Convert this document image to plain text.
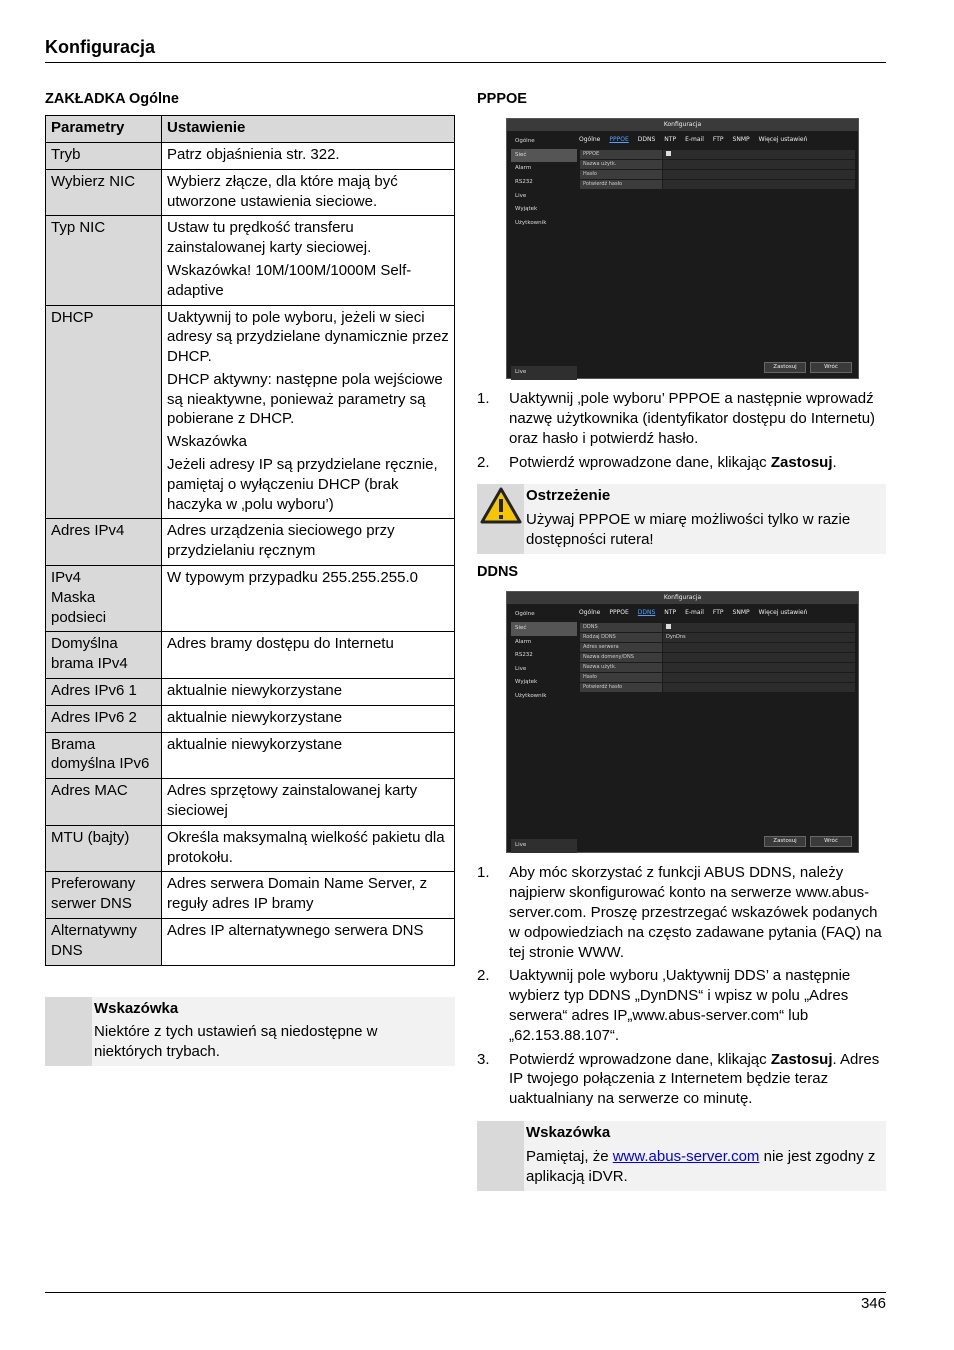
Konfiguracja
ZAKŁADKA Ogólne
Parametry	Ustawienie
Tryb	Patrz objaśnienia str. 322.

Wybierz NIC	Wybierz złącze, dla które mają być utworzone ustawienia sieciowe.

Typ NIC	Ustaw tu prędkość transferu zainstalowanej karty sieciowej.
Wskazówka! 10M/100M/1000M Self-adaptive

DHCP	Uaktywnij to pole wyboru, jeżeli w sieci adresy są przydzielane dynamicznie przez DHCP.
DHCP aktywny: następne pola wejściowe są nieaktywne, ponieważ parametry są pobierane z DHCP.
Wskazówka
Jeżeli adresy IP są przydzielane ręcznie, pamiętaj o wyłączeniu DHCP (brak haczyka w ‚polu wyboru’)

Adres IPv4	Adres urządzenia sieciowego przy przydzielaniu ręcznym

IPv4
Maska
podsieci	W typowym przypadku 255.255.255.0

Domyślna brama IPv4	Adres bramy dostępu do Internetu

Adres IPv6 1	aktualnie niewykorzystane

Adres IPv6 2	aktualnie niewykorzystane

Brama domyślna IPv6	aktualnie niewykorzystane

Adres MAC	Adres sprzętowy zainstalowanej karty sieciowej

MTU (bajty)	Określa maksymalną wielkość pakietu dla protokołu.

Preferowany serwer DNS	Adres serwera Domain Name Server, z reguły adres IP bramy

Alternatywny DNS	Adres IP alternatywnego serwera DNS
Wskazówka
Niektóre z tych ustawień są niedostępne w niektórych trybach.
PPPOE
Konfiguracja
Ogólne PPPOE DDNS NTP E-mail FTP SNMP Więcej ustawień
Ogólne
Sieć
Alarm
RS232
Live
Wyjątek
Użytkownik
Live
PPPOE
Nazwa użytk.
Hasło
Potwierdź hasło
Zastosuj	Wróć
1.	Uaktywnij ‚pole wyboru’ PPPOE a następnie wprowadź nazwę użytkownika (identyfikator dostępu do Internetu) oraz hasło i potwierdź hasło.
2.	Potwierdź wprowadzone dane, klikając Zastosuj.
Ostrzeżenie
Używaj PPPOE w miarę możliwości tylko w razie dostępności rutera!
DDNS
Konfiguracja
Ogólne PPPOE DDNS NTP E-mail FTP SNMP Więcej ustawień
Ogólne
Sieć
Alarm
RS232
Live
Wyjątek
Użytkownik
Live
DDNS
Rodzaj DDNS	DynDns
Adres serwera
Nazwa domeny/DNS
Nazwa użytk.
Hasło
Potwierdź hasło
Zastosuj	Wróć
1.	Aby móc skorzystać z funkcji ABUS DDNS, należy najpierw skonfigurować konto na serwerze www.abus-server.com. Proszę przestrzegać wskazówek podanych w odpowiedziach na często zadawane pytania (FAQ) na tej stronie WWW.
2.	Uaktywnij pole wyboru ‚Uaktywnij DDS’ a następnie wybierz typ DDNS „DynDNS“ i wpisz w polu „Adres serwera“ adres IP„www.abus-server.com“ lub „62.153.88.107“.
3.	Potwierdź wprowadzone dane, klikając Zastosuj. Adres IP twojego połączenia z Internetem będzie teraz uaktualniany na serwerze co minutę.
Wskazówka
Pamiętaj, że www.abus-server.com nie jest zgodny z aplikacją iDVR.
346
